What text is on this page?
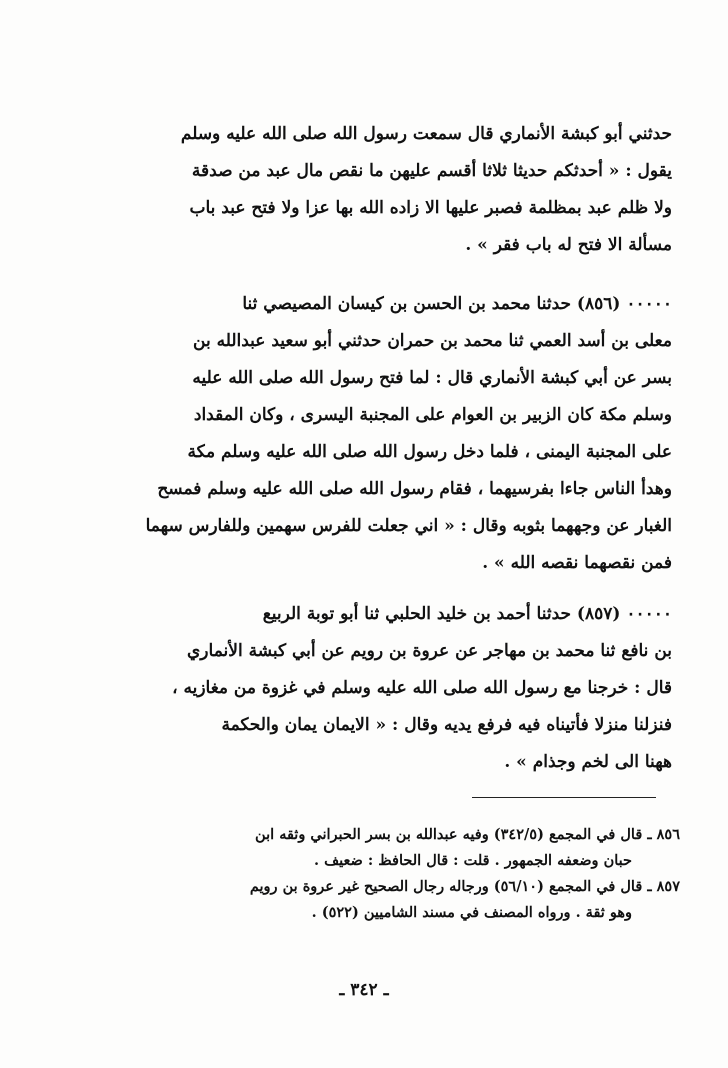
حدثني أبو كبشة الأنماري قال سمعت رسول الله صلى الله عليه وسلم
يقول : « أحدثكم حديثا ثلاثا أقسم عليهن ما نقص مال عبد من صدقة
ولا ظلم عبد بمظلمة فصبر عليها الا زاده الله بها عزا ولا فتح عبد باب
مسألة الا فتح له باب فقر » .
٠٠٠٠٠ (٨٥٦) حدثنا محمد بن الحسن بن كيسان المصيصي ثنا
معلى بن أسد العمي ثنا محمد بن حمران حدثني أبو سعيد عبدالله بن
بسر عن أبي كبشة الأنماري قال : لما فتح رسول الله صلى الله عليه
وسلم مكة كان الزبير بن العوام على المجنبة اليسرى ، وكان المقداد
على المجنبة اليمنى ، فلما دخل رسول الله صلى الله عليه وسلم مكة
وهدأ الناس جاءا بفرسيهما ، فقام رسول الله صلى الله عليه وسلم فمسح
الغبار عن وجههما بثوبه وقال : « اني جعلت للفرس سهمين وللفارس سهما
فمن نقصهما نقصه الله » .
٠٠٠٠٠ (٨٥٧) حدثنا أحمد بن خليد الحلبي ثنا أبو توبة الربيع
بن نافع ثنا محمد بن مهاجر عن عروة بن رويم عن أبي كبشة الأنماري
قال : خرجنا مع رسول الله صلى الله عليه وسلم في غزوة من مغازيه ،
فنزلنا منزلا فأتيناه فيه فرفع يديه وقال : « الايمان يمان والحكمة
ههنا الى لخم وجذام » .
٨٥٦ ـ قال في المجمع (٣٤٢/٥) وفيه عبدالله بن بسر الحبراني وثقه ابن
حبان وضعفه الجمهور . قلت : قال الحافظ : ضعيف .
٨٥٧ ـ قال في المجمع (٥٦/١٠) ورجاله رجال الصحيح غير عروة بن رويم
وهو ثقة . ورواه المصنف في مسند الشاميين (٥٢٢) .
ـ ٣٤٢ ـ
